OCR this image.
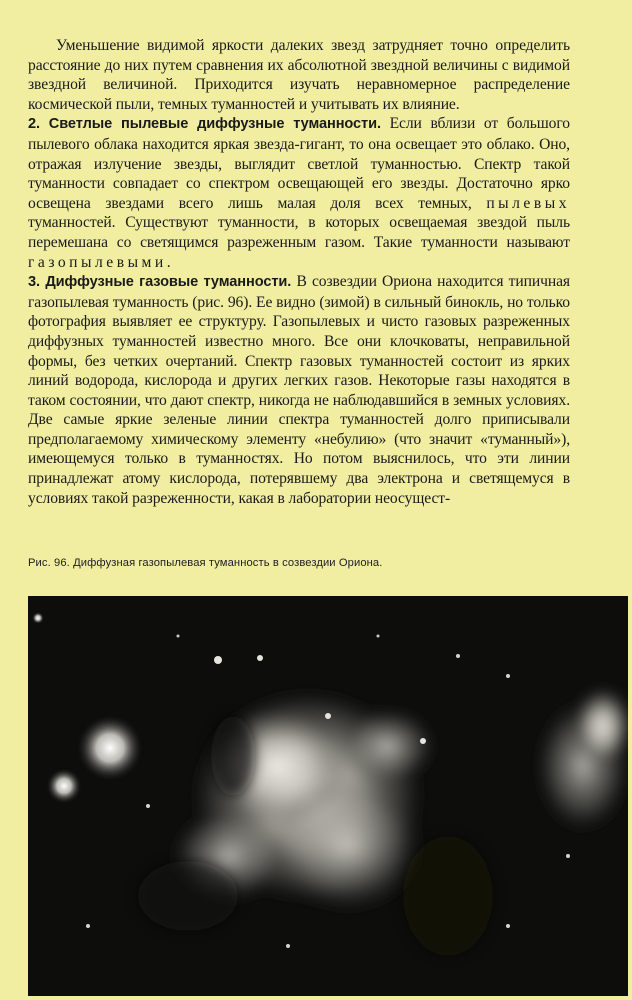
Уменьшение видимой яркости далеких звезд затрудняет точно определить расстояние до них путем сравнения их абсолютной звездной величины с видимой звездной величиной. Приходится изучать неравномерное распределение космической пыли, темных туманностей и учитывать их влияние.

2. Светлые пылевые диффузные туманности. Если вблизи от большого пылевого облака находится яркая звезда-гигант, то она освещает это облако. Оно, отражая излучение звезды, выглядит светлой туманностью. Спектр такой туманности совпадает со спектром освещающей его звезды. Достаточно ярко освещена звездами всего лишь малая доля всех темных, пылевых туманностей. Существуют туманности, в которых освещаемая звездой пыль перемешана со светящимся разреженным газом. Такие туманности называют газопылевыми.

3. Диффузные газовые туманности. В созвездии Ориона находится типичная газопылевая туманность (рис. 96). Ее видно (зимой) в сильный бинокль, но только фотография выявляет ее структуру. Газопылевых и чисто газовых разреженных диффузных туманностей известно много. Все они клочковаты, неправильной формы, без четких очертаний. Спектр газовых туманностей состоит из ярких линий водорода, кислорода и других легких газов. Некоторые газы находятся в таком состоянии, что дают спектр, никогда не наблюдавшийся в земных условиях. Две самые яркие зеленые линии спектра туманностей долго приписывали предполагаемому химическому элементу «небулию» (что значит «туманный»), имеющемуся только в туманностях. Но потом выяснилось, что эти линии принадлежат атому кислорода, потерявшему два электрона и светящемуся в условиях такой разреженности, какая в лаборатории неосущест-

Рис. 96. Диффузная газопылевая туманность в созвездии Ориона.
